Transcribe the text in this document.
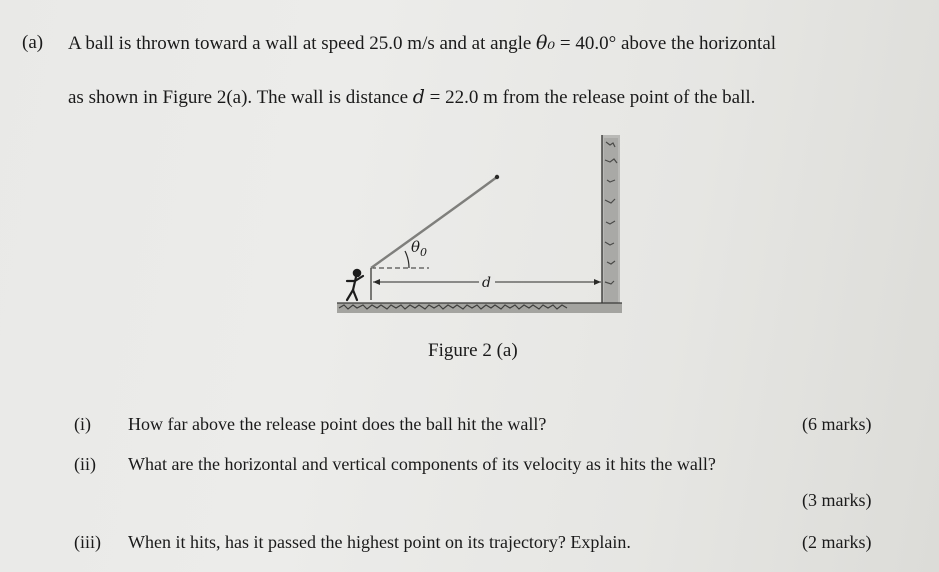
(a) A ball is thrown toward a wall at speed 25.0 m/s and at angle θ₀ = 40.0° above the horizontal
as shown in Figure 2(a). The wall is distance d = 22.0 m from the release point of the ball.
$\theta_0$
d
Figure 2 (a)
(i) How far above the release point does the ball hit the wall?	(6 marks)
(ii) What are the horizontal and vertical components of its velocity as it hits the wall?
(3 marks)
(iii) When it hits, has it passed the highest point on its trajectory? Explain.	(2 marks)
